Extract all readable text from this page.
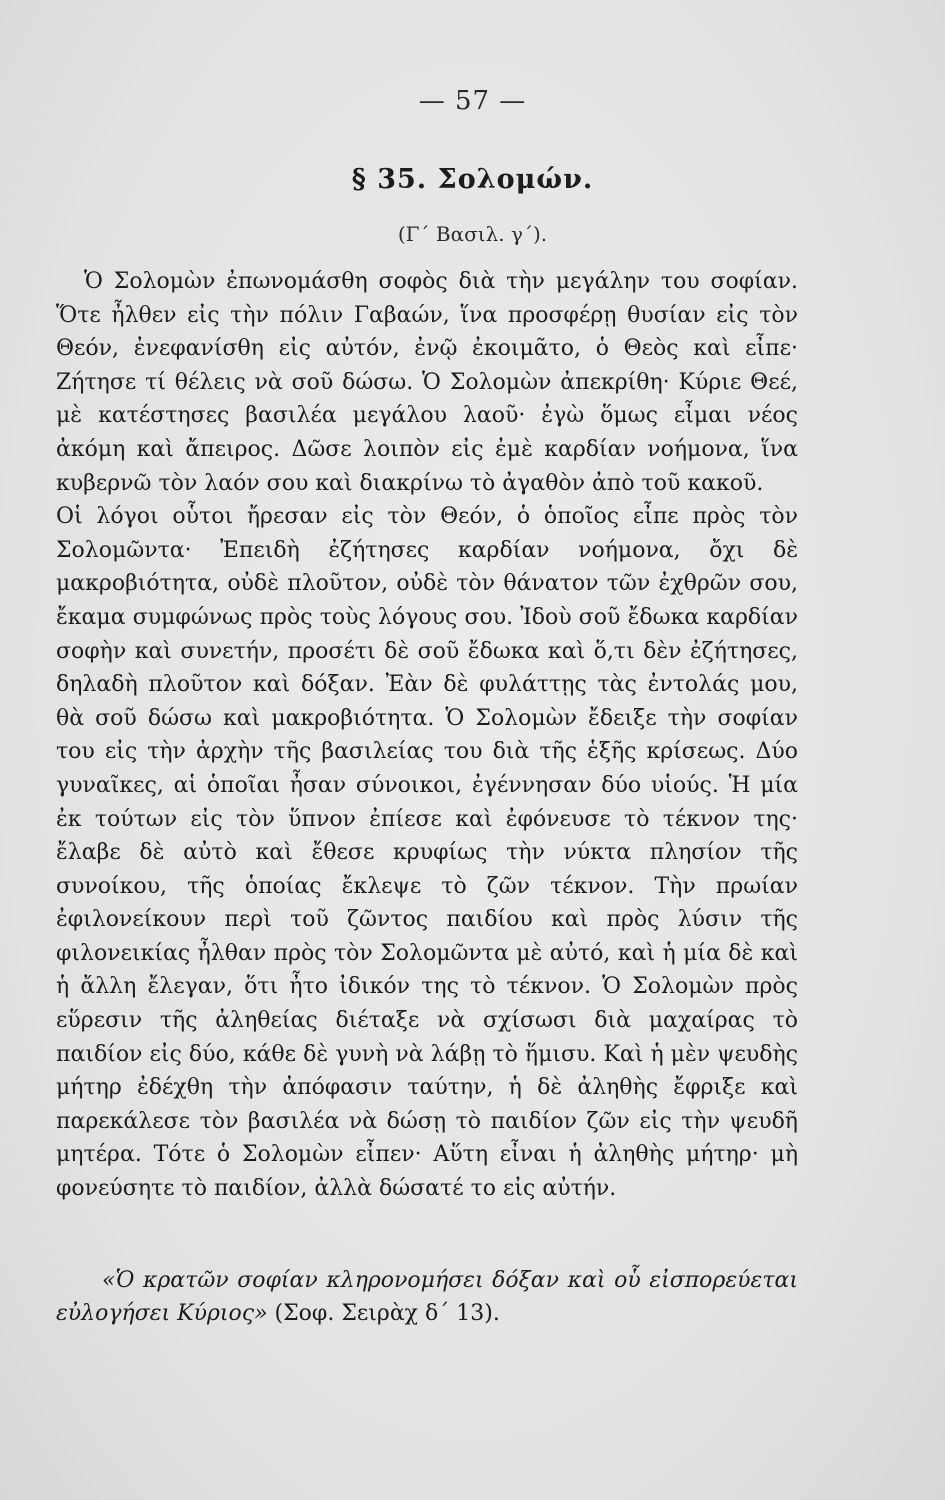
— 57 —
§ 35. Σολομών.
(Γ΄ Βασιλ. γ΄).

Ὁ Σολομὼν ἐπωνομάσθη σοφὸς διὰ τὴν μεγάλην του σοφίαν. Ὅτε ἦλθεν εἰς τὴν πόλιν Γαβαών, ἵνα προσφέρῃ θυσίαν εἰς τὸν Θεόν, ἐνεφανίσθη εἰς αὐτόν, ἐνῷ ἐκοιμᾶτο, ὁ Θεὸς καὶ εἶπε· Ζήτησε τί θέλεις νὰ σοῦ δώσω. Ὁ Σολομὼν ἀπεκρίθη· Κύριε Θεέ, μὲ κατέστησες βασιλέα μεγάλου λαοῦ· ἐγὼ ὅμως εἶμαι νέος ἀκόμη καὶ ἄπειρος. Δῶσε λοιπὸν εἰς ἐμὲ καρδίαν νοήμονα, ἵνα κυβερνῶ τὸν λαόν σου καὶ διακρίνω τὸ ἀγαθὸν ἀπὸ τοῦ κακοῦ.

Οἱ λόγοι οὗτοι ἤρεσαν εἰς τὸν Θεόν, ὁ ὁποῖος εἶπε πρὸς τὸν Σολομῶντα· Ἐπειδὴ ἐζήτησες καρδίαν νοήμονα, ὄχι δὲ μακροβιότητα, οὐδὲ πλοῦτον, οὐδὲ τὸν θάνατον τῶν ἐχθρῶν σου, ἔκαμα συμφώνως πρὸς τοὺς λόγους σου. Ἰδοὺ σοῦ ἔδωκα καρδίαν σοφὴν καὶ συνετήν, προσέτι δὲ σοῦ ἔδωκα καὶ ὅ,τι δὲν ἐζήτησες, δηλαδὴ πλοῦτον καὶ δόξαν. Ἐὰν δὲ φυλάττῃς τὰς ἐντολάς μου, θὰ σοῦ δώσω καὶ μακροβιότητα. Ὁ Σολομὼν ἔδειξε τὴν σοφίαν του εἰς τὴν ἀρχὴν τῆς βασιλείας του διὰ τῆς ἑξῆς κρίσεως. Δύο γυναῖκες, αἱ ὁποῖαι ἦσαν σύνοικοι, ἐγέννησαν δύο υἱούς. Ἡ μία ἐκ τούτων εἰς τὸν ὕπνον ἐπίεσε καὶ ἐφόνευσε τὸ τέκνον της· ἔλαβε δὲ αὐτὸ καὶ ἔθεσε κρυφίως τὴν νύκτα πλησίον τῆς συνοίκου, τῆς ὁποίας ἔκλεψε τὸ ζῶν τέκνον. Τὴν πρωίαν ἐφιλονείκουν περὶ τοῦ ζῶντος παιδίου καὶ πρὸς λύσιν τῆς φιλονεικίας ἦλθαν πρὸς τὸν Σολομῶντα μὲ αὐτό, καὶ ἡ μία δὲ καὶ ἡ ἄλλη ἔλεγαν, ὅτι ἦτο ἰδικόν της τὸ τέκνον. Ὁ Σολομὼν πρὸς εὕρεσιν τῆς ἀληθείας διέταξε νὰ σχίσωσι διὰ μαχαίρας τὸ παιδίον εἰς δύο, κάθε δὲ γυνὴ νὰ λάβῃ τὸ ἥμισυ. Καὶ ἡ μὲν ψευδὴς μήτηρ ἐδέχθη τὴν ἀπόφασιν ταύτην, ἡ δὲ ἀληθὴς ἔφριξε καὶ παρεκάλεσε τὸν βασιλέα νὰ δώσῃ τὸ παιδίον ζῶν εἰς τὴν ψευδῆ μητέρα. Τότε ὁ Σολομὼν εἶπεν· Αὕτη εἶναι ἡ ἀληθὴς μήτηρ· μὴ φονεύσητε τὸ παιδίον, ἀλλὰ δώσατέ το εἰς αὐτήν.

«Ὁ κρατῶν σοφίαν κληρονομήσει δόξαν καὶ οὗ εἰσπορεύεται εὐλογήσει Κύριος» (Σοφ. Σειρὰχ δ΄ 13).
